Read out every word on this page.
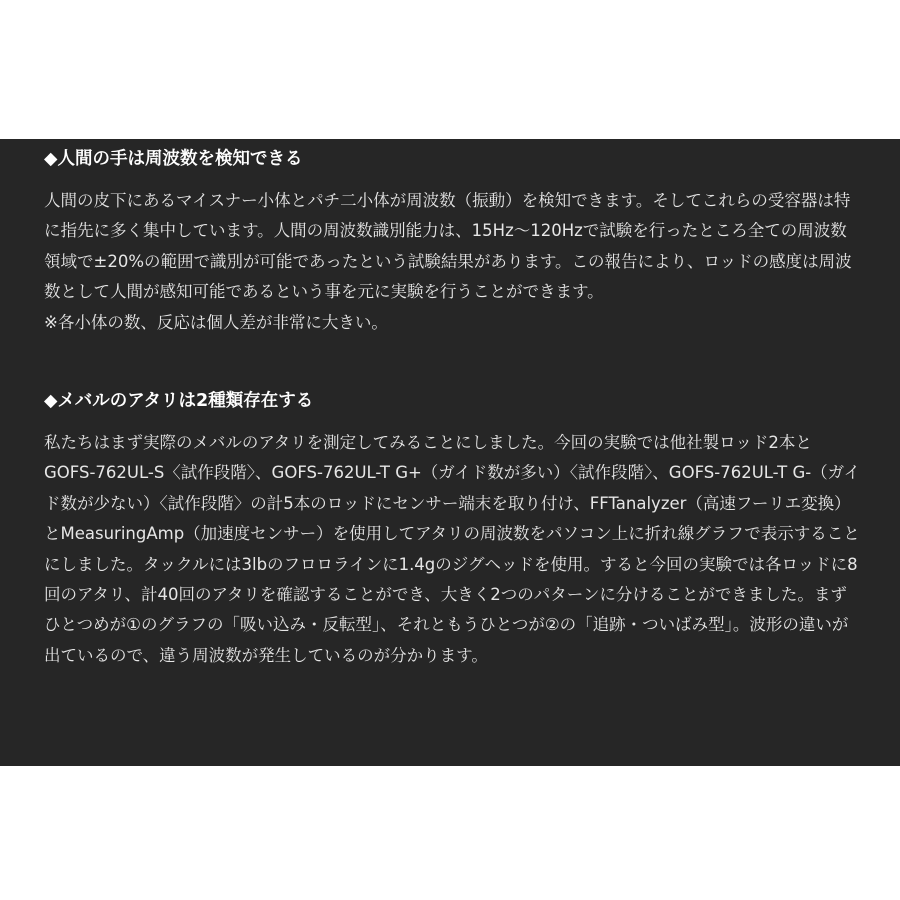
◆人間の手は周波数を検知できる

人間の皮下にあるマイスナー小体とパチ二小体が周波数（振動）を検知できます。そしてこれらの受容器は特に指先に多く集中しています。人間の周波数識別能力は、15Hz〜120Hzで試験を行ったところ全ての周波数領域で±20%の範囲で識別が可能であったという試験結果があります。この報告により、ロッドの感度は周波数として人間が感知可能であるという事を元に実験を行うことができます。

※各小体の数、反応は個人差が非常に大きい。

◆メバルのアタリは2種類存在する

私たちはまず実際のメバルのアタリを測定してみることにしました。今回の実験では他社製ロッド2本とGOFS-762UL-S〈試作段階〉、GOFS-762UL-T G+（ガイド数が多い）〈試作段階〉、GOFS-762UL-T G-（ガイド数が少ない）〈試作段階〉の計5本のロッドにセンサー端末を取り付け、FFTanalyzer（高速フーリエ変換）とMeasuringAmp（加速度センサー）を使用してアタリの周波数をパソコン上に折れ線グラフで表示することにしました。タックルには3lbのフロロラインに1.4gのジグヘッドを使用。すると今回の実験では各ロッドに8回のアタリ、計40回のアタリを確認することができ、大きく2つのパターンに分けることができました。まずひとつめが①のグラフの「吸い込み・反転型」、それともうひとつが②の「追跡・ついばみ型」。波形の違いが出ているので、違う周波数が発生しているのが分かります。
